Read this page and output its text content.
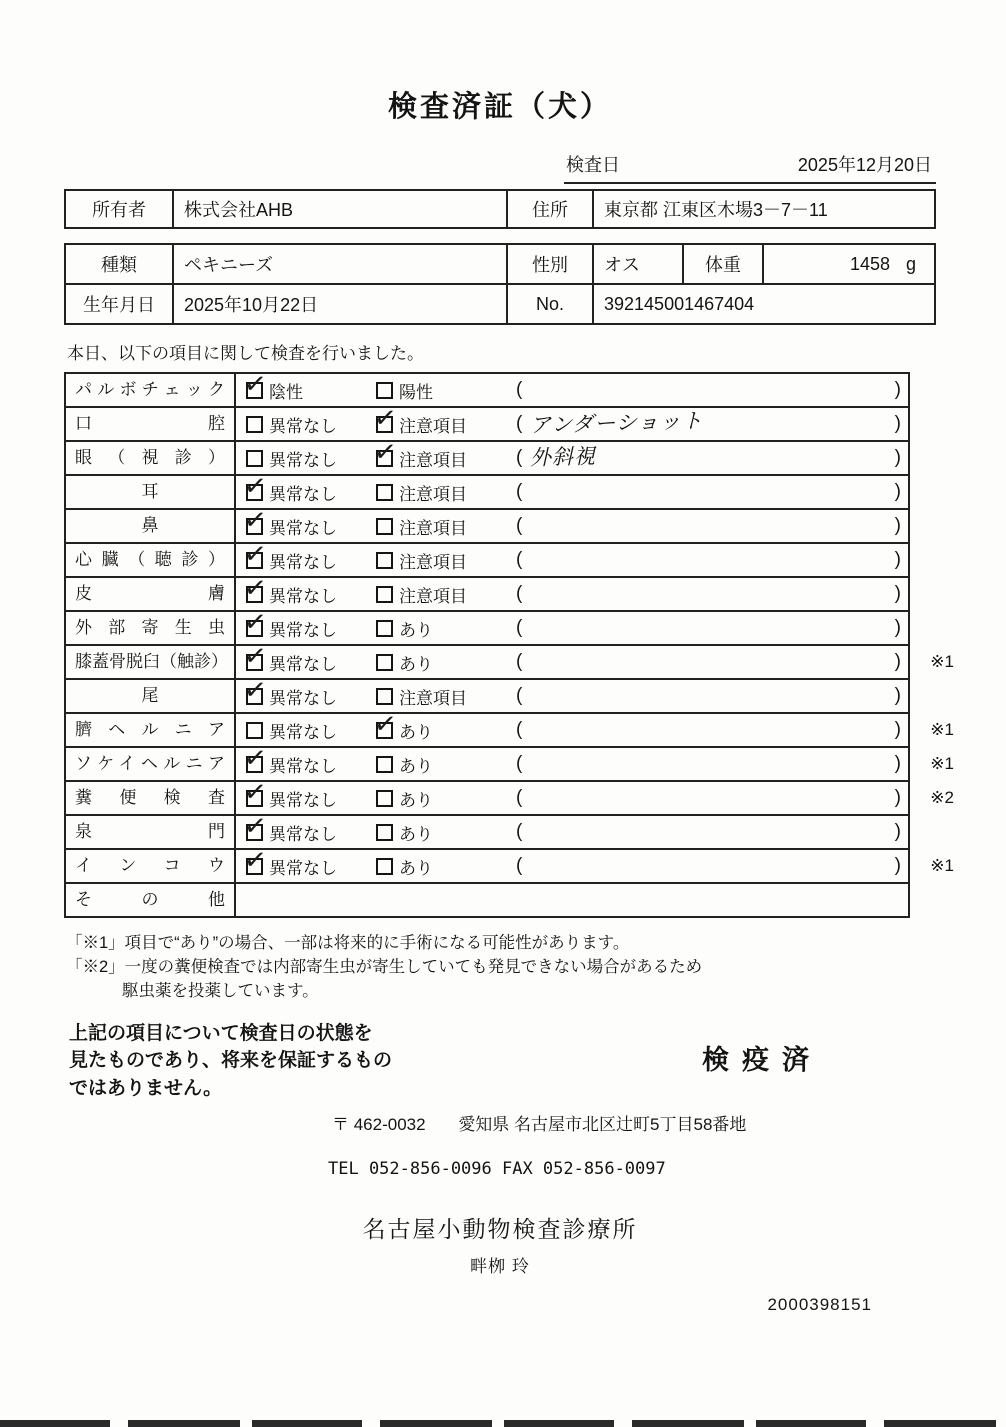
検査済証（犬）
検査日	2025年12月20日
所有者	株式会社AHB	住所	東京都 江東区木場3－7－11
種類	ペキニーズ	性別	オス	体重	1458 g
生年月日	2025年10月22日	No.	392145001467404
本日、以下の項目に関して検査を行いました。
パルボチェック ✓	陰性	陽性	(	)
口腔	異常なし ✓	注意項目	( アンダーショット	)
眼（視診）	異常なし ✓	注意項目	( 外斜視	)
耳 ✓	異常なし	注意項目	(	)
鼻 ✓	異常なし	注意項目	(	)
心臓（聴診） ✓	異常なし	注意項目	(	)
皮膚 ✓	異常なし	注意項目	(	)
外部寄生虫 ✓	異常なし	あり	(	)
膝蓋骨脱臼（触診） ✓	異常なし	あり	(	)	※1
尾 ✓	異常なし	注意項目	(	)
臍ヘルニア	異常なし ✓	あり	(	)	※1
ソケイヘルニア ✓	異常なし	あり	(	)	※1
糞便検査 ✓	異常なし	あり	(	)	※2
泉門 ✓	異常なし	あり	(	)
インコウ ✓	異常なし	あり	(	)	※1
その他
「※1」項目で“あり”の場合、一部は将来的に手術になる可能性があります。
「※2」一度の糞便検査では内部寄生虫が寄生していても発見できない場合があるため
駆虫薬を投薬しています。
上記の項目について検査日の状態を
見たものであり、将来を保証するもの
ではありません。
〒 462-0032 愛知県 名古屋市北区辻町5丁目58番地
TEL 052-856-0096 FAX 052-856-0097
名古屋小動物検査診療所
畔栁 玲
2000398151
検疫済
